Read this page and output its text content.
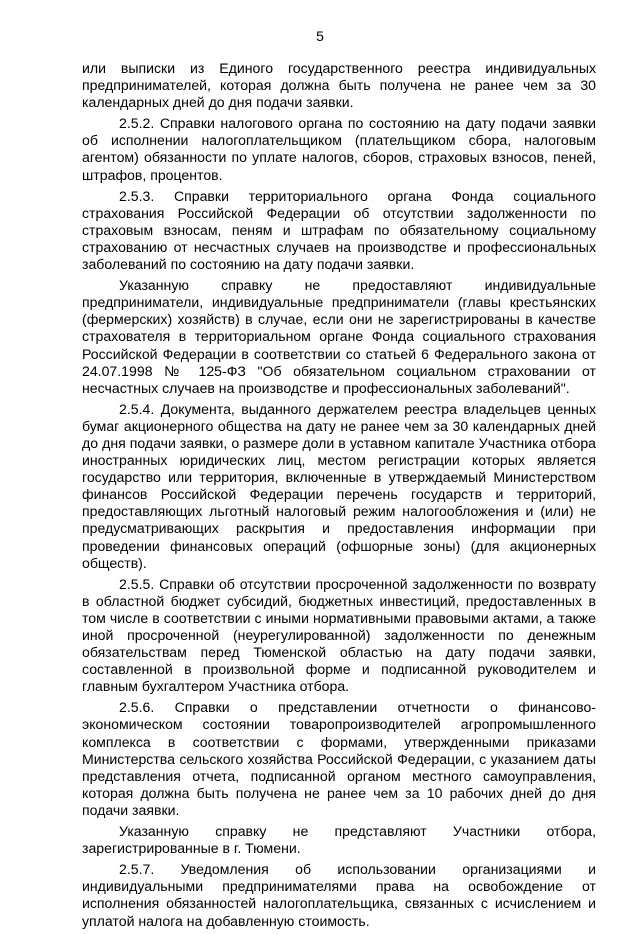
5

или выписки из Единого государственного реестра индивидуальных предпринимателей, которая должна быть получена не ранее чем за 30 календарных дней до дня подачи заявки.

2.5.2. Справки налогового органа по состоянию на дату подачи заявки об исполнении налогоплательщиком (плательщиком сбора, налоговым агентом) обязанности по уплате налогов, сборов, страховых взносов, пеней, штрафов, процентов.

2.5.3. Справки территориального органа Фонда социального страхования Российской Федерации об отсутствии задолженности по страховым взносам, пеням и штрафам по обязательному социальному страхованию от несчастных случаев на производстве и профессиональных заболеваний по состоянию на дату подачи заявки.

Указанную справку не предоставляют индивидуальные предприниматели, индивидуальные предприниматели (главы крестьянских (фермерских) хозяйств) в случае, если они не зарегистрированы в качестве страхователя в территориальном органе Фонда социального страхования Российской Федерации в соответствии со статьей 6 Федерального закона от 24.07.1998 № 125-ФЗ "Об обязательном социальном страховании от несчастных случаев на производстве и профессиональных заболеваний".

2.5.4. Документа, выданного держателем реестра владельцев ценных бумаг акционерного общества на дату не ранее чем за 30 календарных дней до дня подачи заявки, о размере доли в уставном капитале Участника отбора иностранных юридических лиц, местом регистрации которых является государство или территория, включенные в утверждаемый Министерством финансов Российской Федерации перечень государств и территорий, предоставляющих льготный налоговый режим налогообложения и (или) не предусматривающих раскрытия и предоставления информации при проведении финансовых операций (офшорные зоны) (для акционерных обществ).

2.5.5. Справки об отсутствии просроченной задолженности по возврату в областной бюджет субсидий, бюджетных инвестиций, предоставленных в том числе в соответствии с иными нормативными правовыми актами, а также иной просроченной (неурегулированной) задолженности по денежным обязательствам перед Тюменской областью на дату подачи заявки, составленной в произвольной форме и подписанной руководителем и главным бухгалтером Участника отбора.

2.5.6. Справки о представлении отчетности о финансово-экономическом состоянии товаропроизводителей агропромышленного комплекса в соответствии с формами, утвержденными приказами Министерства сельского хозяйства Российской Федерации, с указанием даты представления отчета, подписанной органом местного самоуправления, которая должна быть получена не ранее чем за 10 рабочих дней до дня подачи заявки.

Указанную справку не представляют Участники отбора, зарегистрированные в г. Тюмени.

2.5.7. Уведомления об использовании организациями и индивидуальными предпринимателями права на освобождение от исполнения обязанностей налогоплательщика, связанных с исчислением и уплатой налога на добавленную стоимость.
